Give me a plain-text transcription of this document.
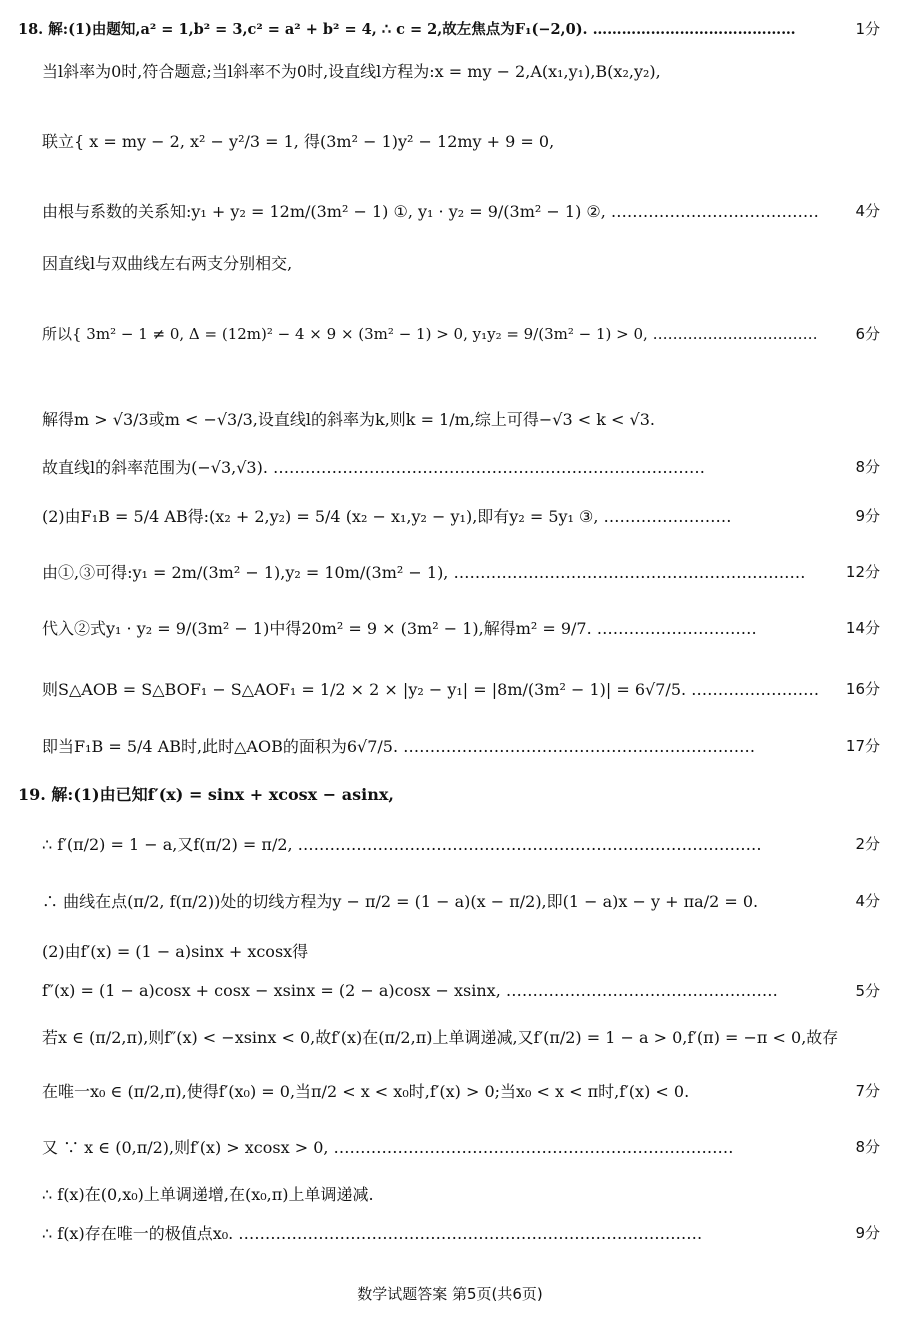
18. 解:(1)由题知,a² = 1,b² = 3,c² = a² + b² = 4, ∴ c = 2,故左焦点为F₁(−2,0). ……………………………………	1分
当l斜率为0时,符合题意;当l斜率不为0时,设直线l方程为:x = my − 2,A(x₁,y₁),B(x₂,y₂),
联立{ x = my − 2, x² − y²/3 = 1, 得(3m² − 1)y² − 12my + 9 = 0,
由根与系数的关系知:y₁ + y₂ = 12m/(3m² − 1) ①, y₁ · y₂ = 9/(3m² − 1) ②, ………………………………… 4分
因直线l与双曲线左右两支分别相交,
所以{ 3m² − 1 ≠ 0, Δ = (12m)² − 4 × 9 × (3m² − 1) > 0, y₁y₂ = 9/(3m² − 1) > 0, ……………………………	6分
解得m > √3/3或m < −√3/3,设直线l的斜率为k,则k = 1/m,综上可得−√3 < k < √3.
故直线l的斜率范围为(−√3,√3). ………………………………………………………………………	8分
(2)由F₁B = 5/4 AB得:(x₂ + 2,y₂) = 5/4 (x₂ − x₁,y₂ − y₁),即有y₂ = 5y₁ ③, ……………………	9分
由①,③可得:y₁ = 2m/(3m² − 1),y₂ = 10m/(3m² − 1), …………………………………………………………	12分
代入②式y₁ · y₂ = 9/(3m² − 1)中得20m² = 9 × (3m² − 1),解得m² = 9/7. …………………………	14分
则S△AOB = S△BOF₁ − S△AOF₁ = 1/2 × 2 × |y₂ − y₁| = |8m/(3m² − 1)| = 6√7/5. …………………… 16分
即当F₁B = 5/4 AB时,此时△AOB的面积为6√7/5. …………………………………………………………	17分
19. 解:(1)由已知f′(x) = sinx + xcosx − asinx,
∴ f′(π/2) = 1 − a,又f(π/2) = π/2, ……………………………………………………………………………	2分
∴ 曲线在点(π/2, f(π/2))处的切线方程为y − π/2 = (1 − a)(x − π/2),即(1 − a)x − y + πa/2 = 0.	4分
(2)由f′(x) = (1 − a)sinx + xcosx得
f″(x) = (1 − a)cosx + cosx − xsinx = (2 − a)cosx − xsinx, ……………………………………………	5分
若x ∈ (π/2,π),则f″(x) < −xsinx < 0,故f′(x)在(π/2,π)上单调递减,又f′(π/2) = 1 − a > 0,f′(π) = −π < 0,故存
在唯一x₀ ∈ (π/2,π),使得f′(x₀) = 0,当π/2 < x < x₀时,f′(x) > 0;当x₀ < x < π时,f′(x) < 0.	7分
又 ∵ x ∈ (0,π/2),则f′(x) > xcosx > 0, …………………………………………………………………	8分
∴ f(x)在(0,x₀)上单调递增,在(x₀,π)上单调递减.
∴ f(x)存在唯一的极值点x₀. ……………………………………………………………………………	9分
数学试题答案 第5页(共6页)
